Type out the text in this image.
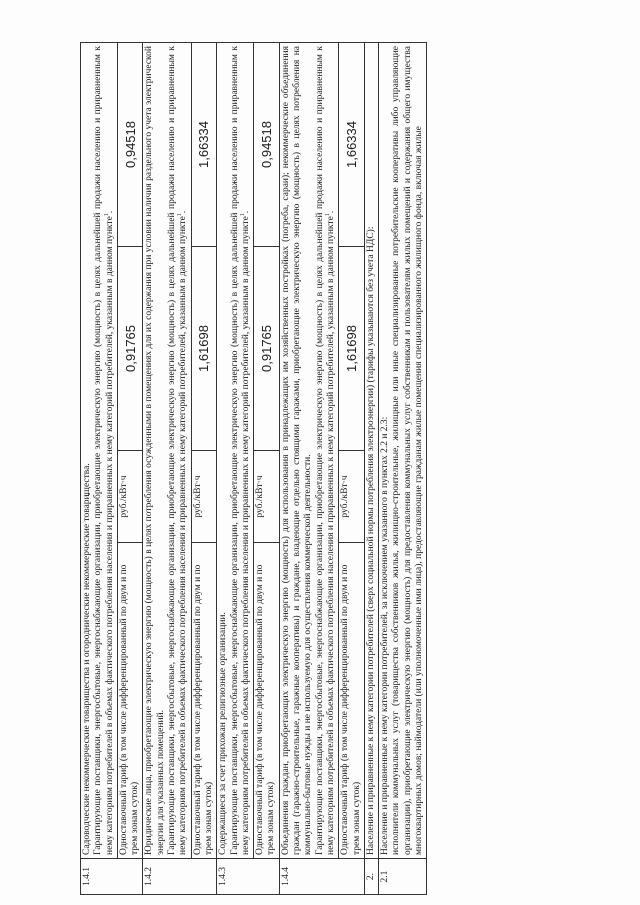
1.4.1	Садоводческие некоммерческие товарищества и огороднические некоммерческие товарищества. Гарантирующие поставщики, энергосбытовые, энергоснабжающие организации, приобретающие электрическую энергию (мощность) в целях дальнейшей продажи населению и приравненным к нему категориям потребителей в объемах фактического потребления населения и приравненных к нему категорий потребителей, указанным в данном пункте$^1$.			
	Одноставочный тариф (в том числе дифференцированный по двум и по трем зонам суток)	руб./кВт·ч	0,91765	0,94518
1.4.2	Юридические лица, приобретающие электрическую энергию (мощность) в целях потребления осужденными в помещениях для их содержания при условии наличия раздельного учета электрической энергии для указанных помещений. Гарантирующие поставщики, энергосбытовые, энергоснабжающие организации, приобретающие электрическую энергию (мощность) в целях дальнейшей продажи населению и приравненным к нему категориям потребителей в объемах фактического потребления населения и приравненных к нему категорий потребителей, указанным в данном пункте$^1$.			
	Одноставочный тариф (в том числе дифференцированный по двум и по трем зонам суток)	руб./кВт·ч	1,61698	1,66334
1.4.3	Содержащиеся за счет прихожан религиозные организации. Гарантирующие поставщики, энергосбытовые, энергоснабжающие организации, приобретающие электрическую энергию (мощность) в целях дальнейшей продажи населению и приравненным к нему категориям потребителей в объемах фактического потребления населения и приравненных к нему категорий потребителей, указанным в данном пункте$^1$.			
	Одноставочный тариф (в том числе дифференцированный по двум и по трем зонам суток)	руб./кВт·ч	0,91765	0,94518
1.4.4	Объединения граждан, приобретающих электрическую энергию (мощность) для использования в принадлежащих им хозяйственных постройках (погреба, сараи); некоммерческие объединения граждан (гаражно-строительные, гаражные кооперативы) и граждане, владеющие отдельно стоящими гаражами, приобретающие электрическую энергию (мощность) в целях потребления на коммунально-бытовые нужды и не используемую для осуществления коммерческой деятельности. Гарантирующие поставщики, энергосбытовые, энергоснабжающие организации, приобретающие электрическую энергию (мощность) в целях дальнейшей продажи населению и приравненным к нему категориям потребителей в объемах фактического потребления населения и приравненных к нему категорий потребителей, указанным в данном пункте$^1$.			
	Одноставочный тариф (в том числе дифференцированный по двум и по трем зонам суток)	руб./кВт·ч	1,61698	1,66334
2.	Население и приравненные к нему категории потребителей (сверх социальной нормы потребления электроэнергии) (тарифы указываются без учета НДС):			
2.1	Население и приравненные к нему категории потребителей, за исключением указанного в пунктах 2.2 и 2.3: исполнители коммунальных услуг (товарищества собственников жилья, жилищно-строительные, жилищные или иные специализированные потребительские кооперативы либо управляющие организации), приобретающие электрическую энергию (мощность) для предоставления коммунальных услуг собственникам и пользователям жилых помещений и содержания общего имущества многоквартирных домов; наймодатели (или уполномоченные ими лица), предоставляющие гражданам жилые помещения специализированного жилищного фонда, включая жилые			
